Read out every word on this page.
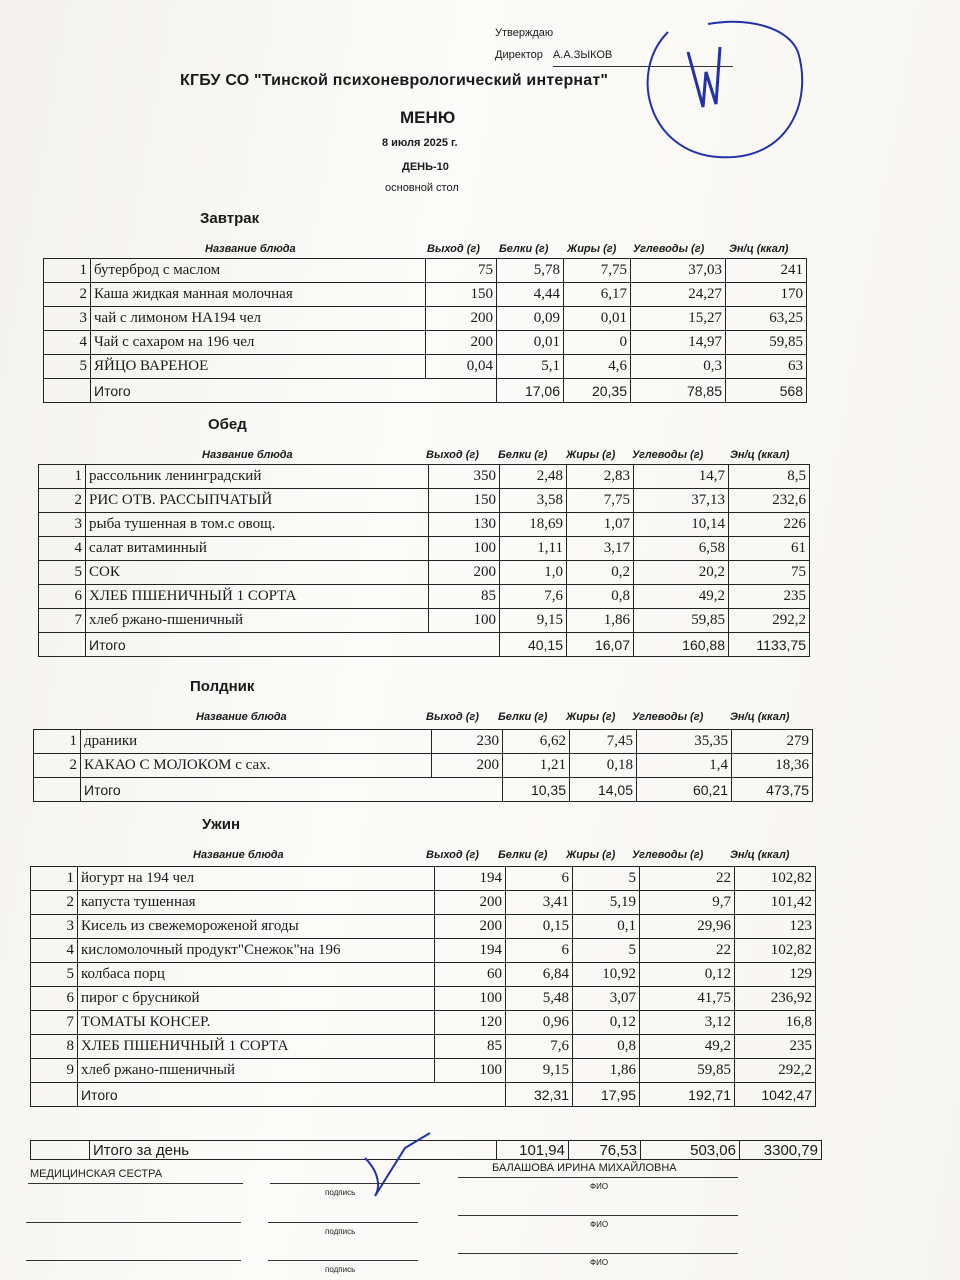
Утверждаю
Директор А.А.ЗЫКОВ
КГБУ СО "Тинской психоневрологический интернат"
МЕНЮ
8 июля 2025 г.
ДЕНЬ-10
основной стол
Завтрак
Название блюда	Выход (г)	Белки (г)	Жиры (г)	Углеводы (г)	Эн/ц (ккал)
1	бутерброд с маслом	75	5,78	7,75	37,03	241
2	Каша жидкая манная молочная	150	4,44	6,17	24,27	170
3	чай с лимоном НА194 чел	200	0,09	0,01	15,27	63,25
4	Чай с сахаром на 196 чел	200	0,01	0	14,97	59,85
5	ЯЙЦО ВАРЕНОЕ	0,04	5,1	4,6	0,3	63
	Итого		17,06	20,35	78,85	568
Обед
Название блюда	Выход (г)	Белки (г)	Жиры (г)	Углеводы (г)	Эн/ц (ккал)
1	рассольник ленинградский	350	2,48	2,83	14,7	8,5
2	РИС ОТВ. РАССЫПЧАТЫЙ	150	3,58	7,75	37,13	232,6
3	рыба тушенная в том.с овощ.	130	18,69	1,07	10,14	226
4	салат витаминный	100	1,11	3,17	6,58	61
5	СОК	200	1,0	0,2	20,2	75
6	ХЛЕБ ПШЕНИЧНЫЙ 1 СОРТА	85	7,6	0,8	49,2	235
7	хлеб ржано-пшеничный	100	9,15	1,86	59,85	292,2
	Итого		40,15	16,07	160,88	1133,75
Полдник
Название блюда	Выход (г)	Белки (г)	Жиры (г)	Углеводы (г)	Эн/ц (ккал)
1	драники	230	6,62	7,45	35,35	279
2	КАКАО С МОЛОКОМ с сах.	200	1,21	0,18	1,4	18,36
	Итого		10,35	14,05	60,21	473,75
Ужин
Название блюда	Выход (г)	Белки (г)	Жиры (г)	Углеводы (г)	Эн/ц (ккал)
1	йогурт на 194 чел	194	6	5	22	102,82
2	капуста тушенная	200	3,41	5,19	9,7	101,42
3	Кисель из свежемороженой ягоды	200	0,15	0,1	29,96	123
4	кисломолочный продукт"Снежок"на 196	194	6	5	22	102,82
5	колбаса порц	60	6,84	10,92	0,12	129
6	пирог с брусникой	100	5,48	3,07	41,75	236,92
7	ТОМАТЫ КОНСЕР.	120	0,96	0,12	3,12	16,8
8	ХЛЕБ ПШЕНИЧНЫЙ 1 СОРТА	85	7,6	0,8	49,2	235
9	хлеб ржано-пшеничный	100	9,15	1,86	59,85	292,2
	Итого		32,31	17,95	192,71	1042,47
	Итого за день	101,94	76,53	503,06	3300,79
МЕДИЦИНСКАЯ СЕСТРА
подпись
БАЛАШОВА ИРИНА МИХАЙЛОВНА
ФИО
подпись
ФИО
подпись
ФИО
